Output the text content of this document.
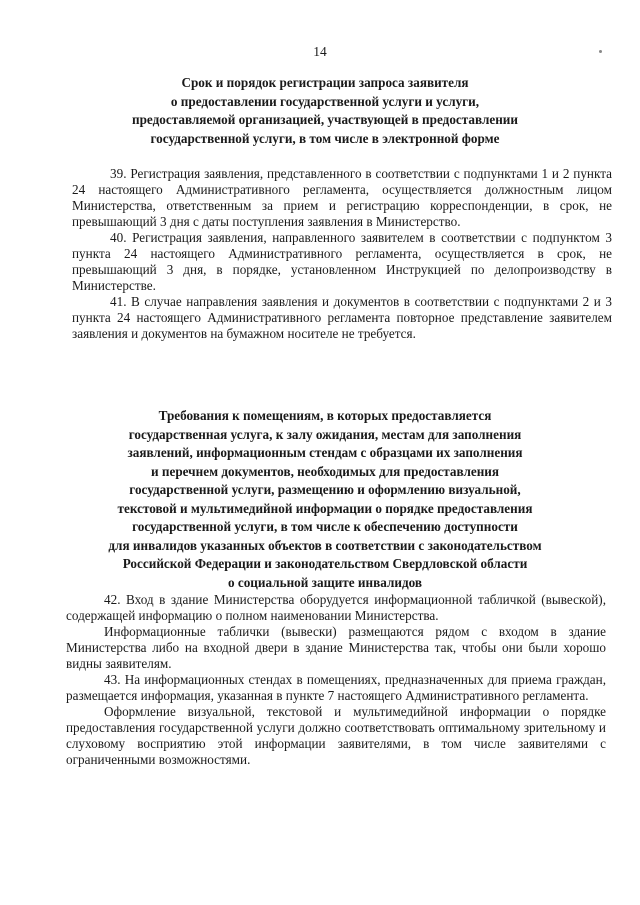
14
Срок и порядок регистрации запроса заявителя
о предоставлении государственной услуги и услуги,
предоставляемой организацией, участвующей в предоставлении
государственной услуги, в том числе в электронной форме

39. Регистрация заявления, представленного в соответствии с подпунктами 1 и 2 пункта 24 настоящего Административного регламента, осуществляется должностным лицом Министерства, ответственным за прием и регистрацию корреспонденции, в срок, не превышающий 3 дня с даты поступления заявления в Министерство.

40. Регистрация заявления, направленного заявителем в соответствии с подпунктом 3 пункта 24 настоящего Административного регламента, осуществляется в срок, не превышающий 3 дня, в порядке, установленном Инструкцией по делопроизводству в Министерстве.

41. В случае направления заявления и документов в соответствии с подпунктами 2 и 3 пункта 24 настоящего Административного регламента повторное представление заявителем заявления и документов на бумажном носителе не требуется.

Требования к помещениям, в которых предоставляется
государственная услуга, к залу ожидания, местам для заполнения
заявлений, информационным стендам с образцами их заполнения
и перечнем документов, необходимых для предоставления
государственной услуги, размещению и оформлению визуальной,
текстовой и мультимедийной информации о порядке предоставления
государственной услуги, в том числе к обеспечению доступности
для инвалидов указанных объектов в соответствии с законодательством
Российской Федерации и законодательством Свердловской области
о социальной защите инвалидов

42. Вход в здание Министерства оборудуется информационной табличкой (вывеской), содержащей информацию о полном наименовании Министерства.

Информационные таблички (вывески) размещаются рядом с входом в здание Министерства либо на входной двери в здание Министерства так, чтобы они были хорошо видны заявителям.

43. На информационных стендах в помещениях, предназначенных для приема граждан, размещается информация, указанная в пункте 7 настоящего Административного регламента.

Оформление визуальной, текстовой и мультимедийной информации о порядке предоставления государственной услуги должно соответствовать оптимальному зрительному и слуховому восприятию этой информации заявителями, в том числе заявителями с ограниченными возможностями.
